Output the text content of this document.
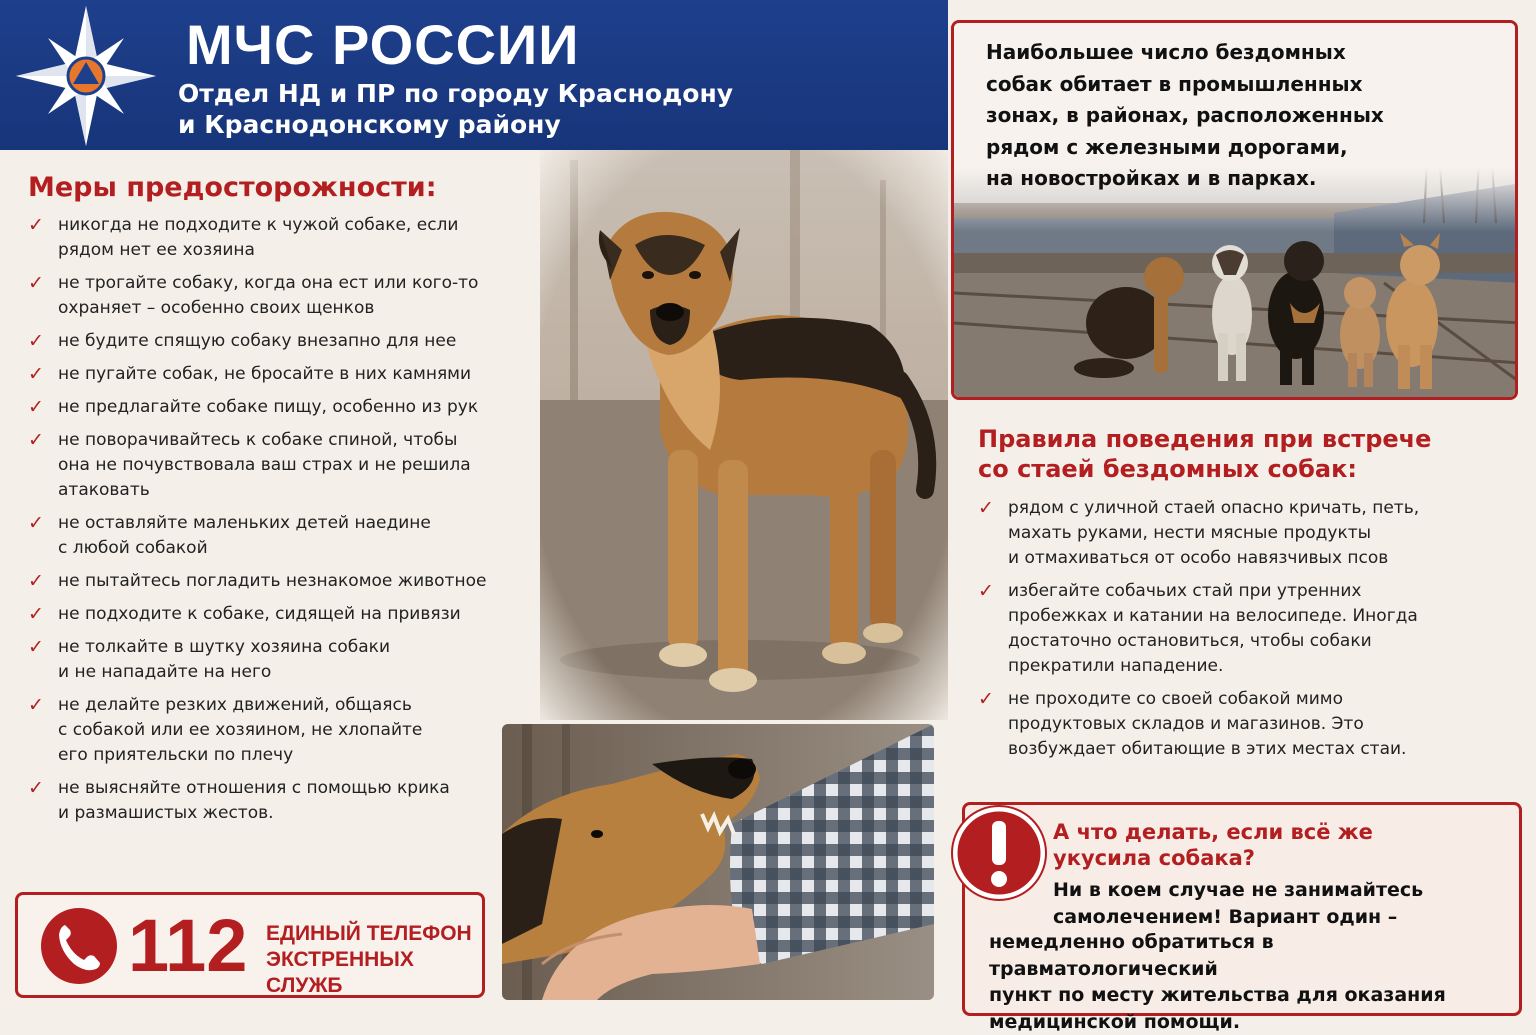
МЧС РОССИИ
Отдел НД и ПР по городу Краснодону
и Краснодонскому району
Меры предосторожности:
✓ никогда не подходите к чужой собаке, если
рядом нет ее хозяина
✓ не трогайте собаку, когда она ест или кого-то
охраняет – особенно своих щенков
✓ не будите спящую собаку внезапно для нее
✓ не пугайте собак, не бросайте в них камнями
✓ не предлагайте собаке пищу, особенно из рук
✓ не поворачивайтесь к собаке спиной, чтобы
она не почувствовала ваш страх и не решила
атаковать
✓ не оставляйте маленьких детей наедине
с любой собакой
✓ не пытайтесь погладить незнакомое животное
✓ не подходите к собаке, сидящей на привязи
✓ не толкайте в шутку хозяина собаки
и не нападайте на него
✓ не делайте резких движений, общаясь
с собакой или ее хозяином, не хлопайте
его приятельски по плечу
✓ не выясняйте отношения с помощью крика
и размашистых жестов.
Наибольшее число бездомных
собак обитает в промышленных
зонах, в районах, расположенных
рядом с железными дорогами,
на новостройках и в парках.
Правила поведения при встрече
со стаей бездомных собак:
✓ рядом с уличной стаей опасно кричать, петь,
махать руками, нести мясные продукты
и отмахиваться от особо навязчивых псов
✓ избегайте собачьих стай при утренних
пробежках и катании на велосипеде. Иногда
достаточно остановиться, чтобы собаки
прекратили нападение.
✓ не проходите со своей собакой мимо
продуктовых складов и магазинов. Это
возбуждает обитающие в этих местах стаи.
А что делать, если всё же
укусила собака?
Ни в коем случае не занимайтесь
самолечением! Вариант один –
немедленно обратиться в травматологический
пункт по месту жительства для оказания
медицинской помощи.
112 ЕДИНЫЙ ТЕЛЕФОН
ЭКСТРЕННЫХ СЛУЖБ
